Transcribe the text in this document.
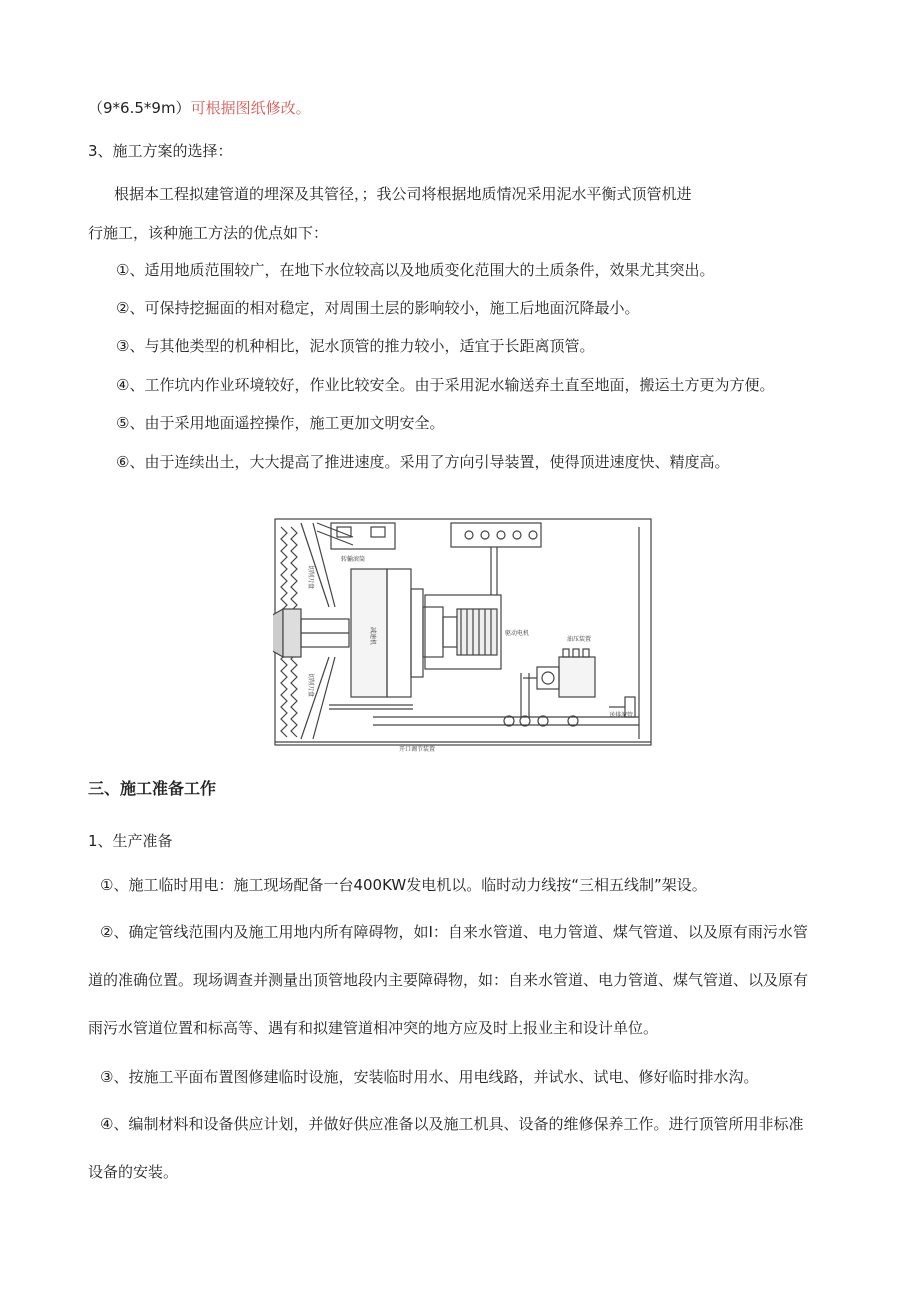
（9*6.5*9m）可根据图纸修改。
3、施工方案的选择：
根据本工程拟建管道的埋深及其管径，；我公司将根据地质情况采用泥水平衡式顶管机进
行施工，该种施工方法的优点如下：
①、适用地质范围较广，在地下水位较高以及地质变化范围大的土质条件，效果尤其突出。
②、可保持挖掘面的相对稳定，对周围土层的影响较小，施工后地面沉降最小。
③、与其他类型的机种相比，泥水顶管的推力较小，适宜于长距离顶管。
④、工作坑内作业环境较好，作业比较安全。由于采用泥水输送弃土直至地面，搬运土方更为方便。
⑤、由于采用地面遥控操作，施工更加文明安全。
⑥、由于连续出土，大大提高了推进速度。采用了方向引导装置，使得顶进速度快、精度高。
转輸滚筒
切削刀盘
切削刀盘
减速机	驱动电机
油压装置
送排泥管
开口调节装置
三、施工准备工作
1、生产准备
①、施工临时用电：施工现场配备一台400KW发电机以。临时动力线按“三相五线制”架设。
②、确定管线范围内及施工用地内所有障碍物，如I：自来水管道、电力管道、煤气管道、以及原有雨污水管
道的准确位置。现场调查并测量出顶管地段内主要障碍物，如：自来水管道、电力管道、煤气管道、以及原有
雨污水管道位置和标高等、遇有和拟建管道相冲突的地方应及时上报业主和设计单位。
③、按施工平面布置图修建临时设施，安装临时用水、用电线路，并试水、试电、修好临时排水沟。
④、编制材料和设备供应计划，并做好供应准备以及施工机具、设备的维修保养工作。进行顶管所用非标准
设备的安装。
